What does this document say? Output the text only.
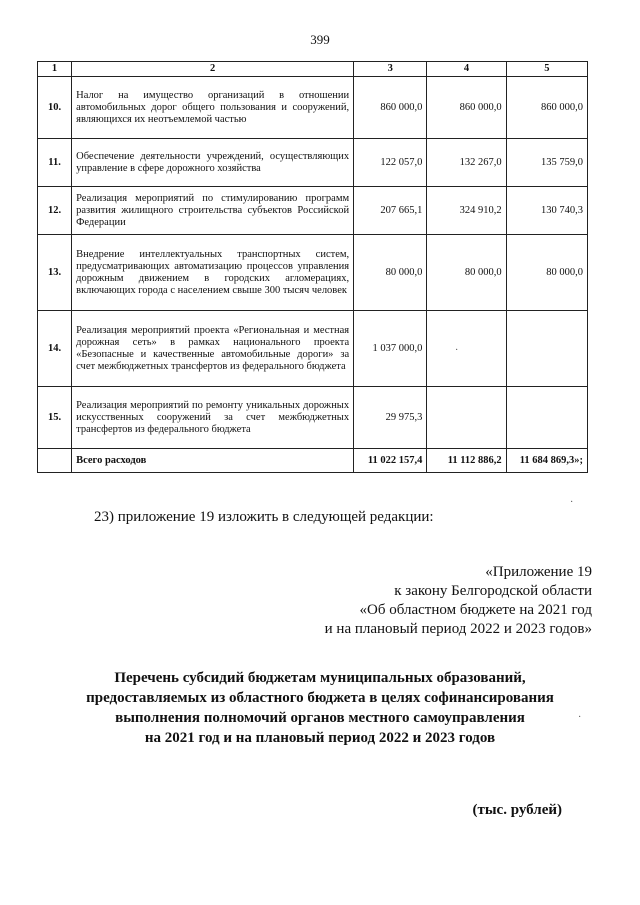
399
1	2	3	4	5
10.	Налог на имущество организаций в отношении автомобильных дорог общего пользования и сооружений, являющихся их неотъемлемой частью	860 000,0	860 000,0	860 000,0
11.	Обеспечение деятельности учреждений, осуществляющих управление в сфере дорожного хозяйства	122 057,0	132 267,0	135 759,0
12.	Реализация мероприятий по стимулированию программ развития жилищного строительства субъектов Российской Федерации	207 665,1	324 910,2	130 740,3
13.	Внедрение интеллектуальных транспортных систем, предусматривающих автоматизацию процессов управления дорожным движением в городских агломерациях, включающих города с населением свыше 300 тысяч человек	80 000,0	80 000,0	80 000,0
14.	Реализация мероприятий проекта «Региональная и местная дорожная сеть» в рамках национального проекта «Безопасные и качественные автомобильные дороги» за счет межбюджетных трансфертов из федерального бюджета	1 037 000,0		
15.	Реализация мероприятий по ремонту уникальных дорожных искусственных сооружений за счет межбюджетных трансфертов из федерального бюджета	29 975,3		
	Всего расходов	11 022 157,4	11 112 886,2	11 684 869,3»;
·
·
·
23) приложение 19 изложить в следующей редакции:
«Приложение 19
к закону Белгородской области
«Об областном бюджете на 2021 год
и на плановый период 2022 и 2023 годов»
Перечень субсидий бюджетам муниципальных образований,
предоставляемых из областного бюджета в целях софинансирования
выполнения полномочий органов местного самоуправления
на 2021 год и на плановый период 2022 и 2023 годов
(тыс. рублей)
